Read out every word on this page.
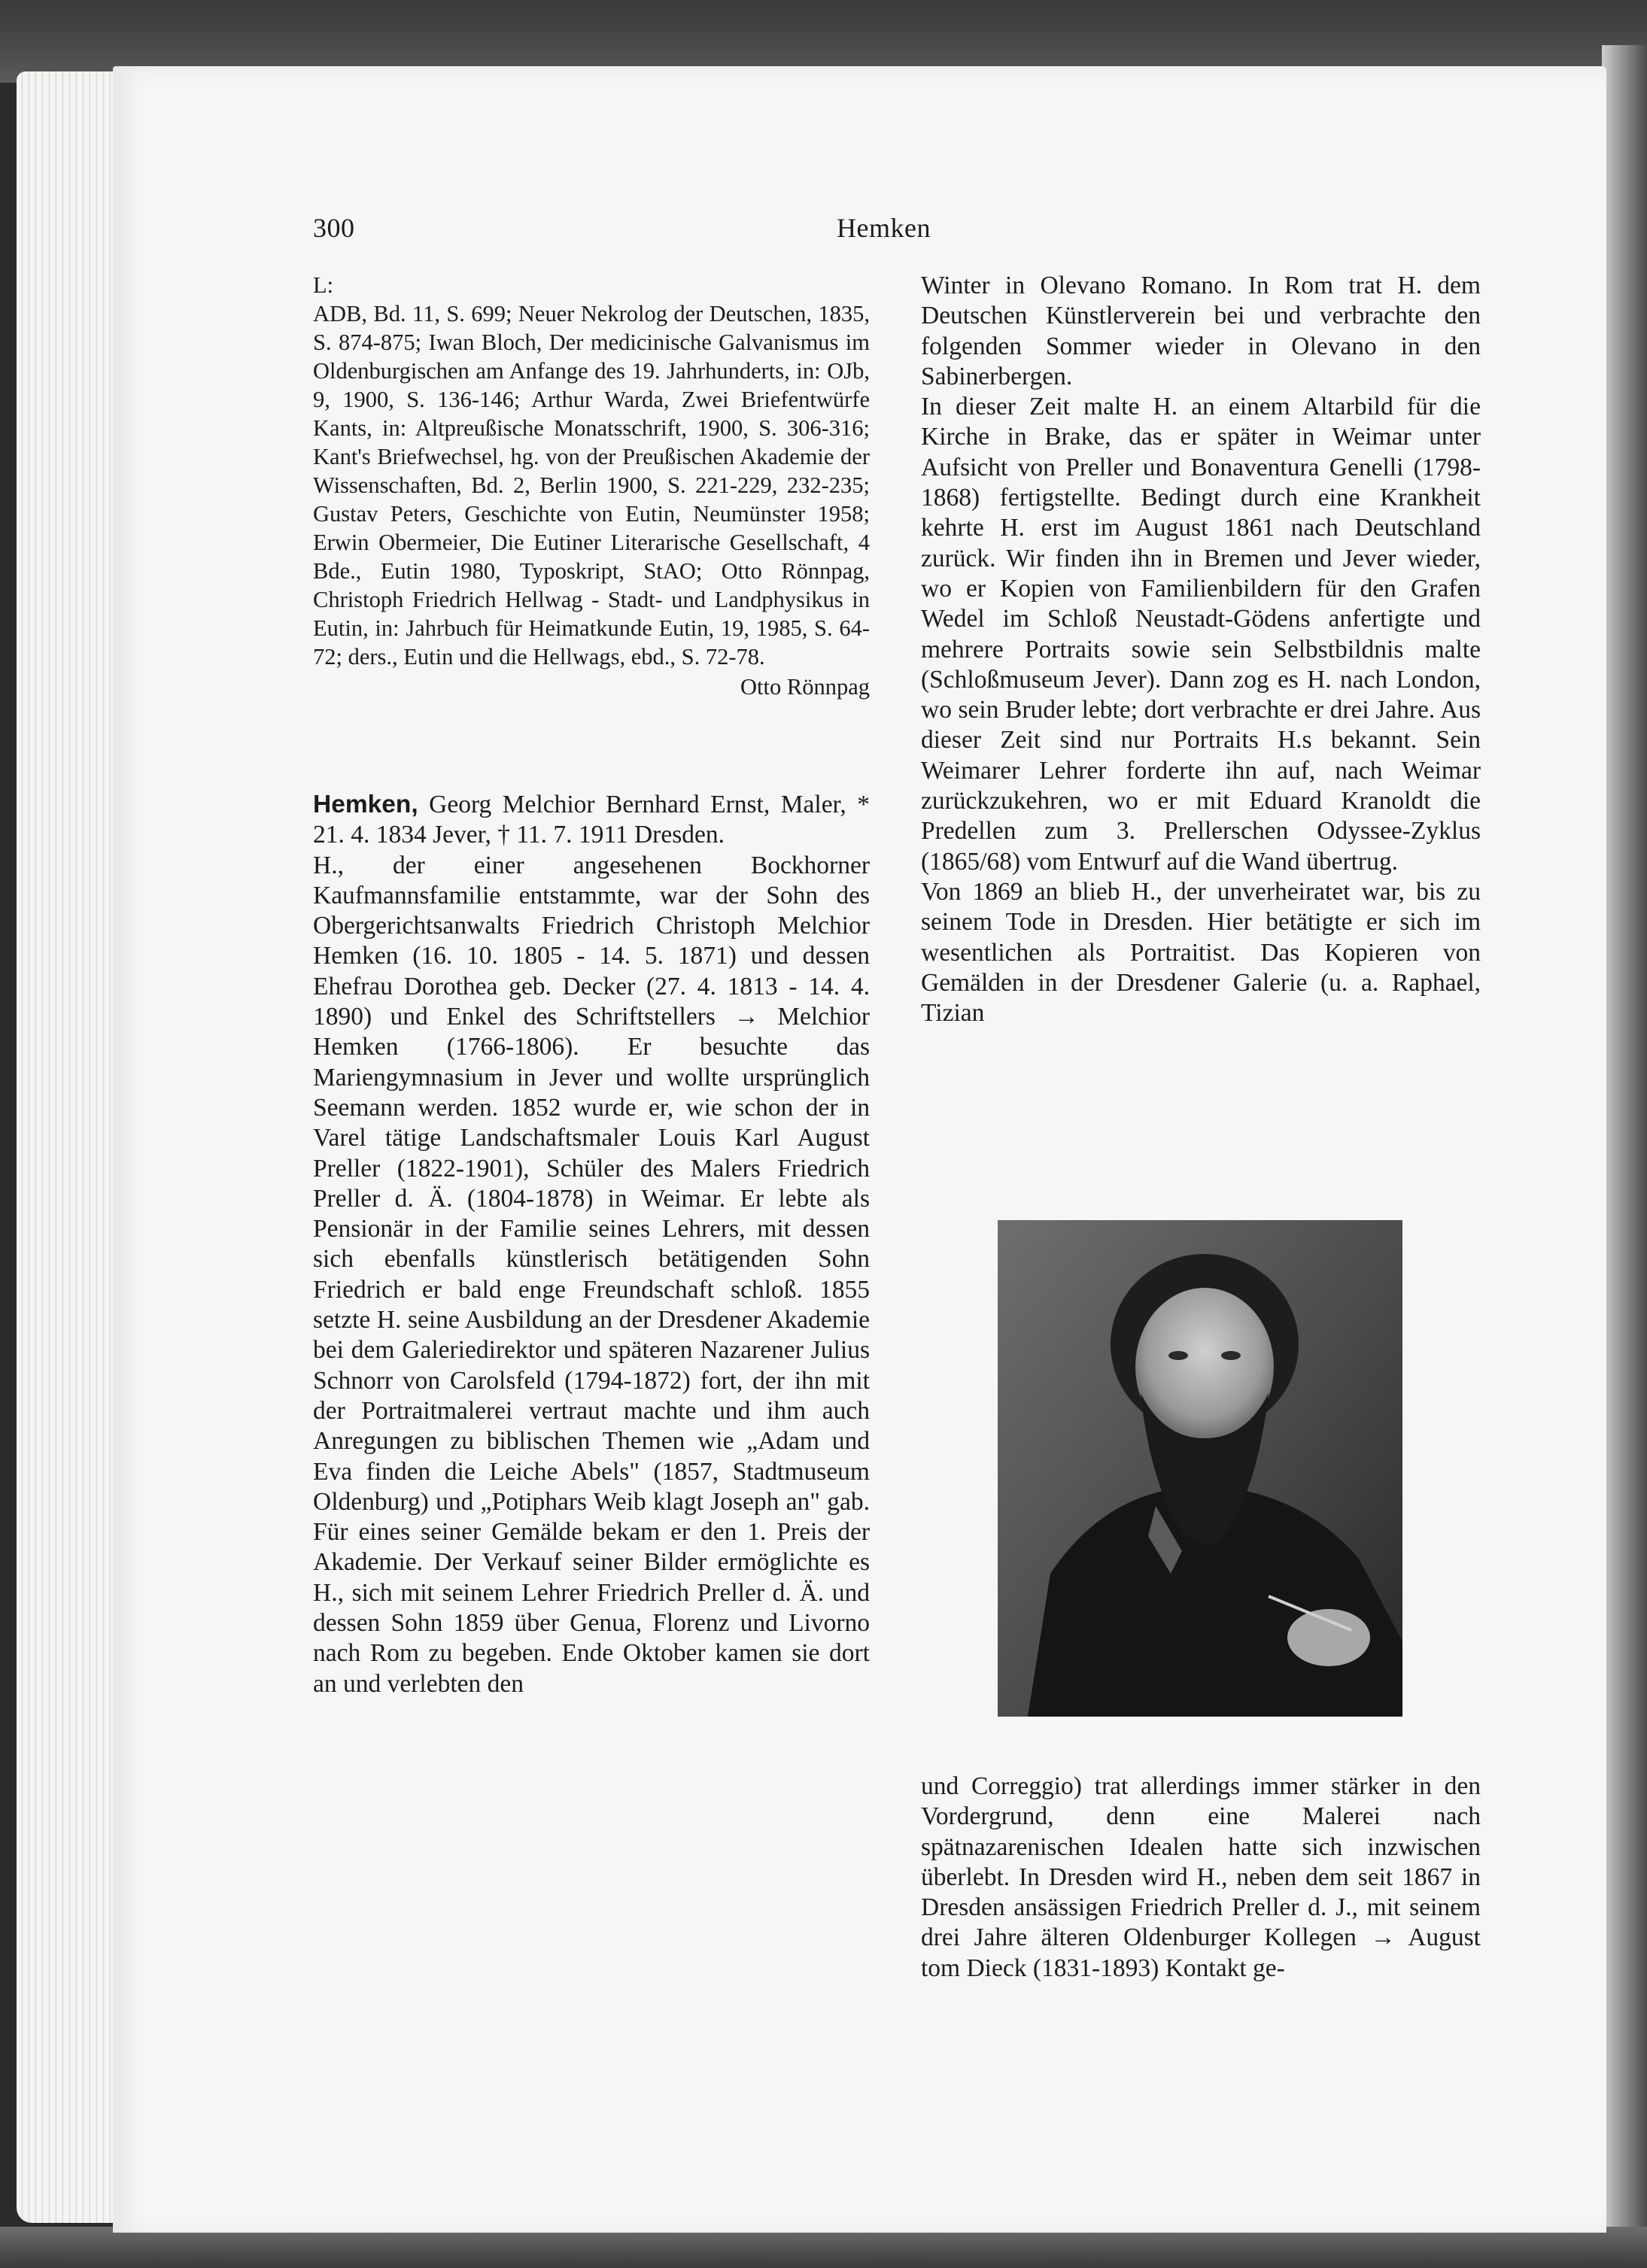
300	Hemken
L:

ADB, Bd. 11, S. 699; Neuer Nekrolog der Deutschen, 1835, S. 874-875; Iwan Bloch, Der medicinische Galvanismus im Oldenburgischen am Anfange des 19. Jahrhunderts, in: OJb, 9, 1900, S. 136-146; Arthur Warda, Zwei Briefentwürfe Kants, in: Altpreußische Monatsschrift, 1900, S. 306-316; Kant's Briefwechsel, hg. von der Preußischen Akademie der Wissenschaften, Bd. 2, Berlin 1900, S. 221-229, 232-235; Gustav Peters, Geschichte von Eutin, Neumünster 1958; Erwin Obermeier, Die Eutiner Literarische Gesellschaft, 4 Bde., Eutin 1980, Typoskript, StAO; Otto Rönnpag, Christoph Friedrich Hellwag - Stadt- und Landphysikus in Eutin, in: Jahrbuch für Heimatkunde Eutin, 19, 1985, S. 64-72; ders., Eutin und die Hellwags, ebd., S. 72-78.

Otto Rönnpag

Hemken, Georg Melchior Bernhard Ernst, Maler, * 21. 4. 1834 Jever, † 11. 7. 1911 Dresden.

H., der einer angesehenen Bockhorner Kaufmannsfamilie entstammte, war der Sohn des Obergerichtsanwalts Friedrich Christoph Melchior Hemken (16. 10. 1805 - 14. 5. 1871) und dessen Ehefrau Dorothea geb. Decker (27. 4. 1813 - 14. 4. 1890) und Enkel des Schriftstellers → Melchior Hemken (1766-1806). Er besuchte das Mariengymnasium in Jever und wollte ursprünglich Seemann werden. 1852 wurde er, wie schon der in Varel tätige Landschaftsmaler Louis Karl August Preller (1822-1901), Schüler des Malers Friedrich Preller d. Ä. (1804-1878) in Weimar. Er lebte als Pensionär in der Familie seines Lehrers, mit dessen sich ebenfalls künstlerisch betätigenden Sohn Friedrich er bald enge Freundschaft schloß. 1855 setzte H. seine Ausbildung an der Dresdener Akademie bei dem Galeriedirektor und späteren Nazarener Julius Schnorr von Carolsfeld (1794-1872) fort, der ihn mit der Portraitmalerei vertraut machte und ihm auch Anregungen zu biblischen Themen wie „Adam und Eva finden die Leiche Abels" (1857, Stadtmuseum Oldenburg) und „Potiphars Weib klagt Joseph an" gab. Für eines seiner Gemälde bekam er den 1. Preis der Akademie. Der Verkauf seiner Bilder ermöglichte es H., sich mit seinem Lehrer Friedrich Preller d. Ä. und dessen Sohn 1859 über Genua, Florenz und Livorno nach Rom zu begeben. Ende Oktober kamen sie dort an und verlebten den

Winter in Olevano Romano. In Rom trat H. dem Deutschen Künstlerverein bei und verbrachte den folgenden Sommer wieder in Olevano in den Sabinerbergen.

In dieser Zeit malte H. an einem Altarbild für die Kirche in Brake, das er später in Weimar unter Aufsicht von Preller und Bonaventura Genelli (1798-1868) fertigstellte. Bedingt durch eine Krankheit kehrte H. erst im August 1861 nach Deutschland zurück. Wir finden ihn in Bremen und Jever wieder, wo er Kopien von Familienbildern für den Grafen Wedel im Schloß Neustadt-Gödens anfertigte und mehrere Portraits sowie sein Selbstbildnis malte (Schloßmuseum Jever). Dann zog es H. nach London, wo sein Bruder lebte; dort verbrachte er drei Jahre. Aus dieser Zeit sind nur Portraits H.s bekannt. Sein Weimarer Lehrer forderte ihn auf, nach Weimar zurückzukehren, wo er mit Eduard Kranoldt die Predellen zum 3. Prellerschen Odyssee-Zyklus (1865/68) vom Entwurf auf die Wand übertrug.

Von 1869 an blieb H., der unverheiratet war, bis zu seinem Tode in Dresden. Hier betätigte er sich im wesentlichen als Portraitist. Das Kopieren von Gemälden in der Dresdener Galerie (u. a. Raphael, Tizian

und Correggio) trat allerdings immer stärker in den Vordergrund, denn eine Malerei nach spätnazarenischen Idealen hatte sich inzwischen überlebt. In Dresden wird H., neben dem seit 1867 in Dresden ansässigen Friedrich Preller d. J., mit seinem drei Jahre älteren Oldenburger Kollegen → August tom Dieck (1831-1893) Kontakt ge-
